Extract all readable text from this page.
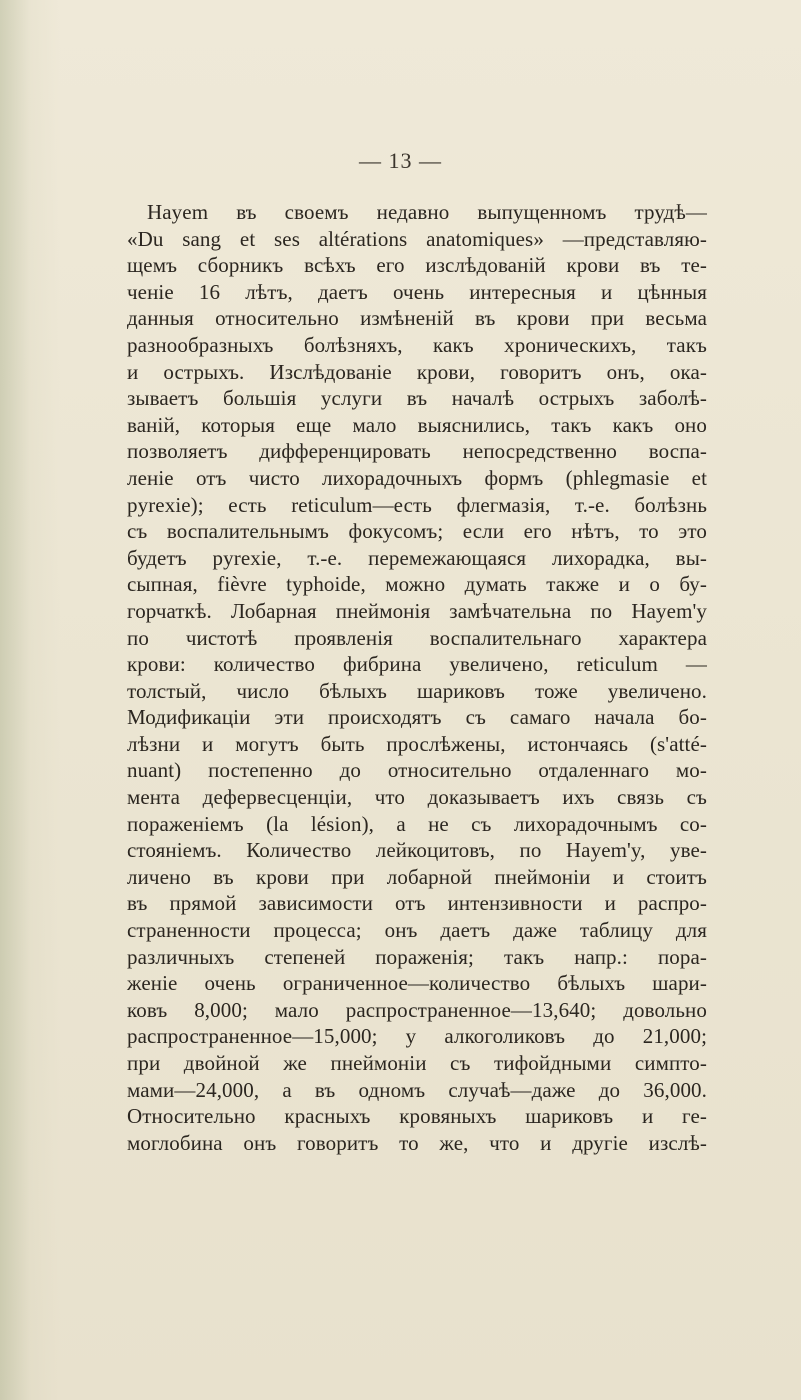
— 13 —
Hayem въ своемъ недавно выпущенномъ трудѣ—
«Du sang et ses altérations anatomiques» —представляю-
щемъ сборникъ всѣхъ его изслѣдованій крови въ те-
ченіе 16 лѣтъ, даетъ очень интересныя и цѣнныя
данныя относительно измѣненій въ крови при весьма
разнообразныхъ болѣзняхъ, какъ хроническихъ, такъ
и острыхъ. Изслѣдованіе крови, говоритъ онъ, ока-
зываетъ большія услуги въ началѣ острыхъ заболѣ-
ваній, которыя еще мало выяснились, такъ какъ оно
позволяетъ дифференцировать непосредственно воспа-
леніе отъ чисто лихорадочныхъ формъ (phlegmasie et
pyrexie); есть reticulum—есть флегмазія, т.-е. болѣзнь
съ воспалительнымъ фокусомъ; если его нѣтъ, то это
будетъ pyrexie, т.-е. перемежающаяся лихорадка, вы-
сыпная, fièvre typhoide, можно думать также и о бу-
горчаткѣ. Лобарная пнеймонія замѣчательна по Hayem'y
по чистотѣ проявленія воспалительнаго характера
крови: количество фибрина увеличено, reticulum —
толстый, число бѣлыхъ шариковъ тоже увеличено.
Модификаціи эти происходятъ съ самаго начала бо-
лѣзни и могутъ быть прослѣжены, истончаясь (s'atté-
nuant) постепенно до относительно отдаленнаго мо-
мента дефервесценціи, что доказываетъ ихъ связь съ
пораженіемъ (la lésion), а не съ лихорадочнымъ со-
стояніемъ. Количество лейкоцитовъ, по Hayem'y, уве-
личено въ крови при лобарной пнеймоніи и стоитъ
въ прямой зависимости отъ интензивности и распро-
страненности процесса; онъ даетъ даже таблицу для
различныхъ степеней пораженія; такъ напр.: пора-
женіе очень ограниченное—количество бѣлыхъ шари-
ковъ 8,000; мало распространенное—13,640; довольно
распространенное—15,000; у алкоголиковъ до 21,000;
при двойной же пнеймоніи съ тифойдными симпто-
мами—24,000, а въ одномъ случаѣ—даже до 36,000.
Относительно красныхъ кровяныхъ шариковъ и ге-
моглобина онъ говоритъ то же, что и другіе изслѣ-
